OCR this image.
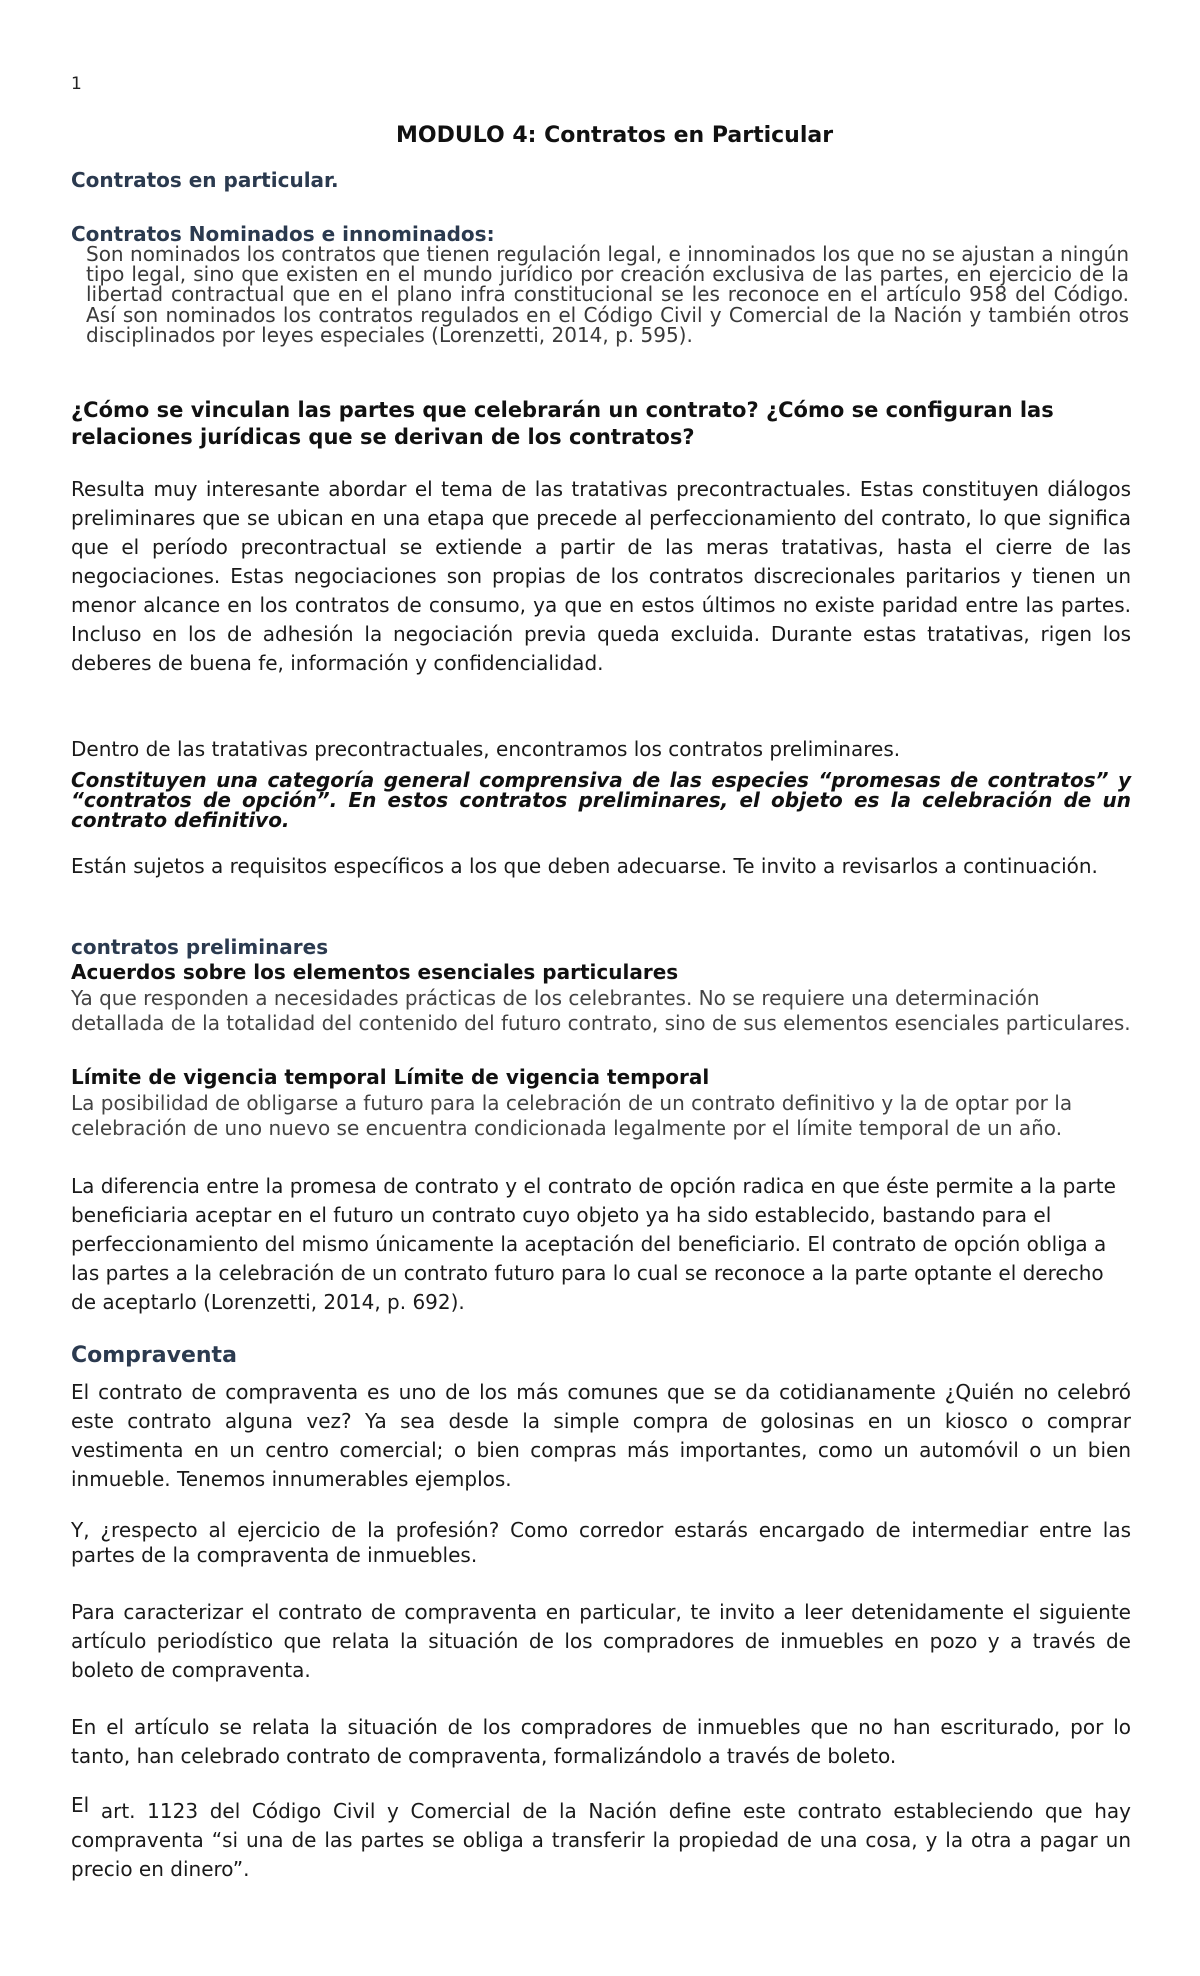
1

MODULO 4: Contratos en Particular

Contratos en particular.

Contratos Nominados e innominados:

Son nominados los contratos que tienen regulación legal, e innominados los que no se ajustan a ningún tipo legal, sino que existen en el mundo jurídico por creación exclusiva de las partes, en ejercicio de la libertad contractual que en el plano infra constitucional se les reconoce en el artículo 958 del Código. Así son nominados los contratos regulados en el Código Civil y Comercial de la Nación y también otros disciplinados por leyes especiales (Lorenzetti, 2014, p. 595).

¿Cómo se vinculan las partes que celebrarán un contrato? ¿Cómo se configuran las relaciones jurídicas que se derivan de los contratos?

Resulta muy interesante abordar el tema de las tratativas precontractuales. Estas constituyen diálogos preliminares que se ubican en una etapa que precede al perfeccionamiento del contrato, lo que significa que el período precontractual se extiende a partir de las meras tratativas, hasta el cierre de las negociaciones. Estas negociaciones son propias de los contratos discrecionales paritarios y tienen un menor alcance en los contratos de consumo, ya que en estos últimos no existe paridad entre las partes. Incluso en los de adhesión la negociación previa queda excluida. Durante estas tratativas, rigen los deberes de buena fe, información y confidencialidad.

Dentro de las tratativas precontractuales, encontramos los contratos preliminares.

Constituyen una categoría general comprensiva de las especies “promesas de contratos” y “contratos de opción”. En estos contratos preliminares, el objeto es la celebración de un contrato definitivo.

Están sujetos a requisitos específicos a los que deben adecuarse. Te invito a revisarlos a continuación.

contratos preliminares

Acuerdos sobre los elementos esenciales particulares

Ya que responden a necesidades prácticas de los celebrantes. No se requiere una determinación detallada de la totalidad del contenido del futuro contrato, sino de sus elementos esenciales particulares.

Límite de vigencia temporal Límite de vigencia temporal

La posibilidad de obligarse a futuro para la celebración de un contrato definitivo y la de optar por la celebración de uno nuevo se encuentra condicionada legalmente por el límite temporal de un año.

La diferencia entre la promesa de contrato y el contrato de opción radica en que éste permite a la parte beneficiaria aceptar en el futuro un contrato cuyo objeto ya ha sido establecido, bastando para el perfeccionamiento del mismo únicamente la aceptación del beneficiario. El contrato de opción obliga a las partes a la celebración de un contrato futuro para lo cual se reconoce a la parte optante el derecho de aceptarlo (Lorenzetti, 2014, p. 692).

Compraventa

El contrato de compraventa es uno de los más comunes que se da cotidianamente ¿Quién no celebró este contrato alguna vez? Ya sea desde la simple compra de golosinas en un kiosco o comprar vestimenta en un centro comercial; o bien compras más importantes, como un automóvil o un bien inmueble. Tenemos innumerables ejemplos.

Y, ¿respecto al ejercicio de la profesión? Como corredor estarás encargado de intermediar entre las partes de la compraventa de inmuebles.

Para caracterizar el contrato de compraventa en particular, te invito a leer detenidamente el siguiente artículo periodístico que relata la situación de los compradores de inmuebles en pozo y a través de boleto de compraventa.

En el artículo se relata la situación de los compradores de inmuebles que no han escriturado, por lo tanto, han celebrado contrato de compraventa, formalizándolo a través de boleto.

El art. 1123 del Código Civil y Comercial de la Nación define este contrato estableciendo que hay compraventa “si una de las partes se obliga a transferir la propiedad de una cosa, y la otra a pagar un precio en dinero”.
